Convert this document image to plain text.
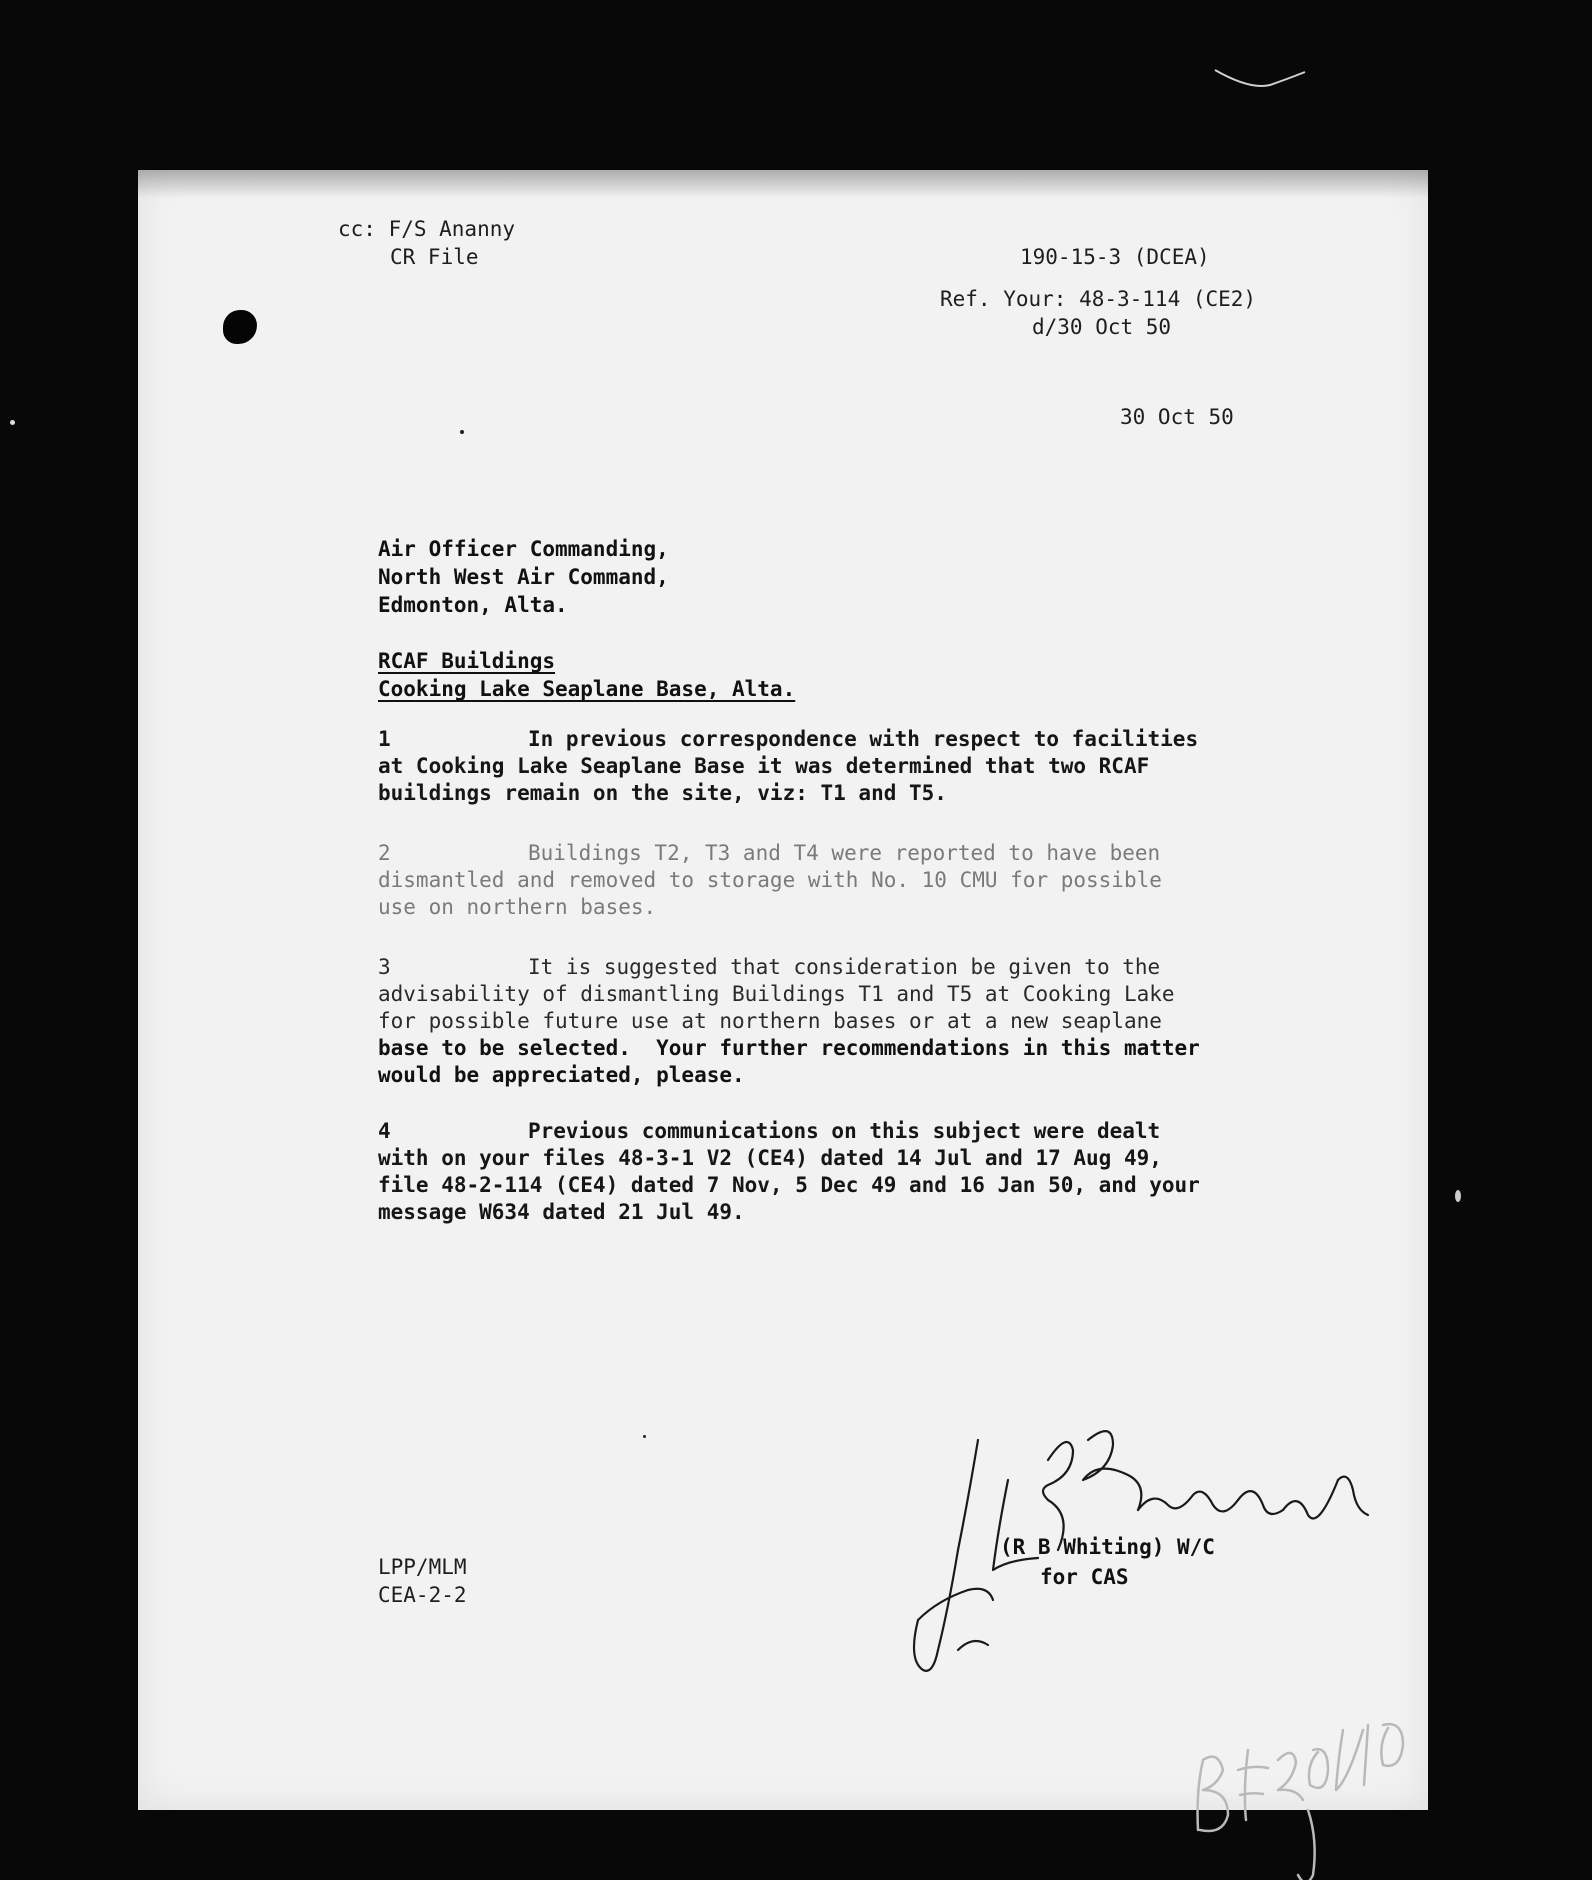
cc: F/S Ananny

CR File	190-15-3 (DCEA)

Ref. Your: 48-3-114 (CE2)

d/30 Oct 50

30 Oct 50

Air Officer Commanding,

North West Air Command,

Edmonton, Alta.

RCAF Buildings

Cooking Lake Seaplane Base, Alta.

1	In previous correspondence with respect to facilities
at Cooking Lake Seaplane Base it was determined that two RCAF
buildings remain on the site, viz: T1 and T5.
2	Buildings T2, T3 and T4 were reported to have been
dismantled and removed to storage with No. 10 CMU for possible
use on northern bases.
3	It is suggested that consideration be given to the
advisability of dismantling Buildings T1 and T5 at Cooking Lake
for possible future use at northern bases or at a new seaplane
base to be selected.  Your further recommendations in this matter
would be appreciated, please.
4	Previous communications on this subject were dealt
with on your files 48-3-1 V2 (CE4) dated 14 Jul and 17 Aug 49,
file 48-2-114 (CE4) dated 7 Nov, 5 Dec 49 and 16 Jan 50, and your
message W634 dated 21 Jul 49.

(R B Whiting) W/C

for CAS

LPP/MLM

CEA-2-2
